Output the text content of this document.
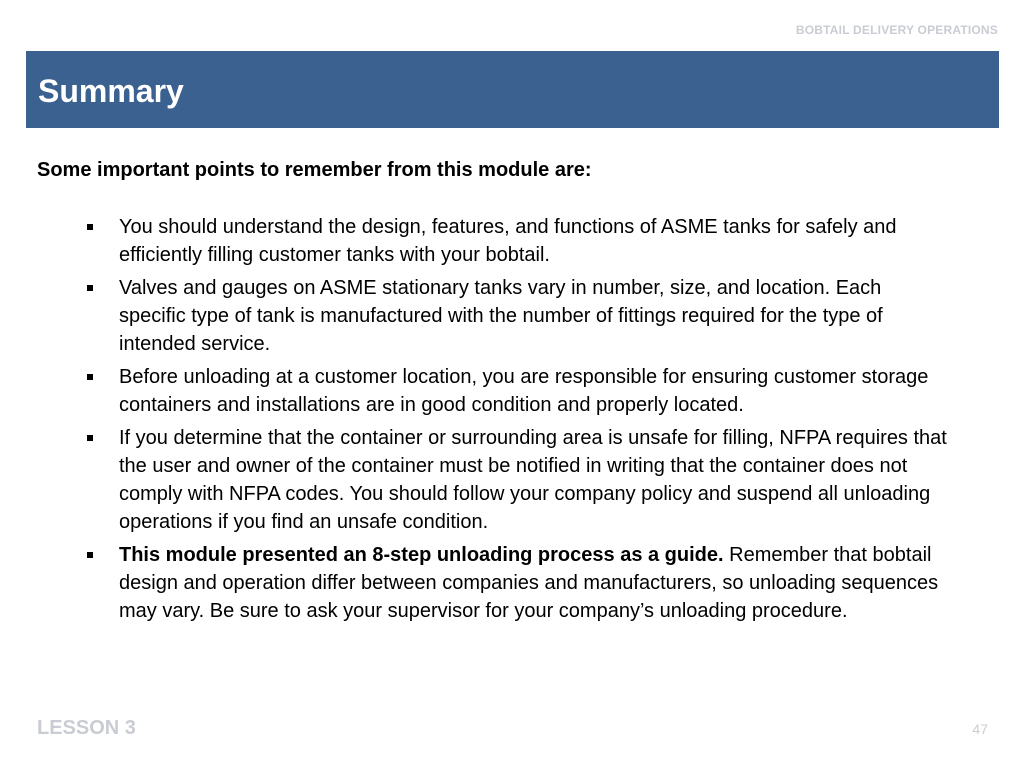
BOBTAIL DELIVERY OPERATIONS
Summary
Some important points to remember from this module are:
You should understand the design, features, and functions of ASME tanks for safely and efficiently filling customer tanks with your bobtail.
Valves and gauges on ASME stationary tanks vary in number, size, and location. Each specific type of tank is manufactured with the number of fittings required for the type of intended service.
Before unloading at a customer location, you are responsible for ensuring customer storage containers and installations are in good condition and properly located.
If you determine that the container or surrounding area is unsafe for filling, NFPA requires that the user and owner of the container must be notified in writing that the container does not comply with NFPA codes. You should follow your company policy and suspend all unloading operations if you find an unsafe condition.
This module presented an 8-step unloading process as a guide. Remember that bobtail design and operation differ between companies and manufacturers, so unloading sequences may vary. Be sure to ask your supervisor for your company’s unloading procedure.
LESSON 3	47
